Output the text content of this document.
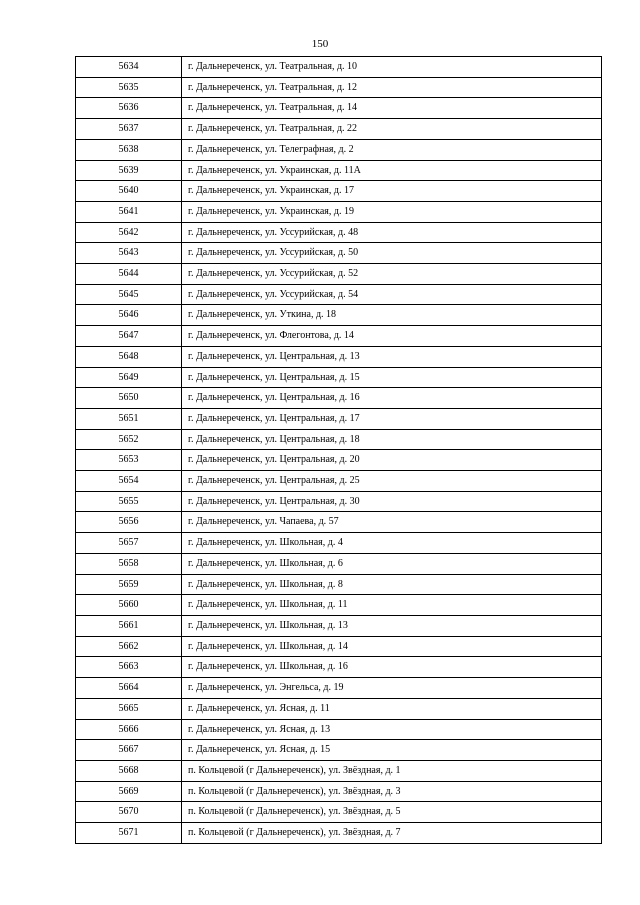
150
5634	г. Дальнереченск, ул. Театральная, д. 10
5635	г. Дальнереченск, ул. Театральная, д. 12
5636	г. Дальнереченск, ул. Театральная, д. 14
5637	г. Дальнереченск, ул. Театральная, д. 22
5638	г. Дальнереченск, ул. Телеграфная, д. 2
5639	г. Дальнереченск, ул. Украинская, д. 11А
5640	г. Дальнереченск, ул. Украинская, д. 17
5641	г. Дальнереченск, ул. Украинская, д. 19
5642	г. Дальнереченск, ул. Уссурийская, д. 48
5643	г. Дальнереченск, ул. Уссурийская, д. 50
5644	г. Дальнереченск, ул. Уссурийская, д. 52
5645	г. Дальнереченск, ул. Уссурийская, д. 54
5646	г. Дальнереченск, ул. Уткина, д. 18
5647	г. Дальнереченск, ул. Флегонтова, д. 14
5648	г. Дальнереченск, ул. Центральная, д. 13
5649	г. Дальнереченск, ул. Центральная, д. 15
5650	г. Дальнереченск, ул. Центральная, д. 16
5651	г. Дальнереченск, ул. Центральная, д. 17
5652	г. Дальнереченск, ул. Центральная, д. 18
5653	г. Дальнереченск, ул. Центральная, д. 20
5654	г. Дальнереченск, ул. Центральная, д. 25
5655	г. Дальнереченск, ул. Центральная, д. 30
5656	г. Дальнереченск, ул. Чапаева, д. 57
5657	г. Дальнереченск, ул. Школьная, д. 4
5658	г. Дальнереченск, ул. Школьная, д. 6
5659	г. Дальнереченск, ул. Школьная, д. 8
5660	г. Дальнереченск, ул. Школьная, д. 11
5661	г. Дальнереченск, ул. Школьная, д. 13
5662	г. Дальнереченск, ул. Школьная, д. 14
5663	г. Дальнереченск, ул. Школьная, д. 16
5664	г. Дальнереченск, ул. Энгельса, д. 19
5665	г. Дальнереченск, ул. Ясная, д. 11
5666	г. Дальнереченск, ул. Ясная, д. 13
5667	г. Дальнереченск, ул. Ясная, д. 15
5668	п. Кольцевой (г Дальнереченск), ул. Звёздная, д. 1
5669	п. Кольцевой (г Дальнереченск), ул. Звёздная, д. 3
5670	п. Кольцевой (г Дальнереченск), ул. Звёздная, д. 5
5671	п. Кольцевой (г Дальнереченск), ул. Звёздная, д. 7
